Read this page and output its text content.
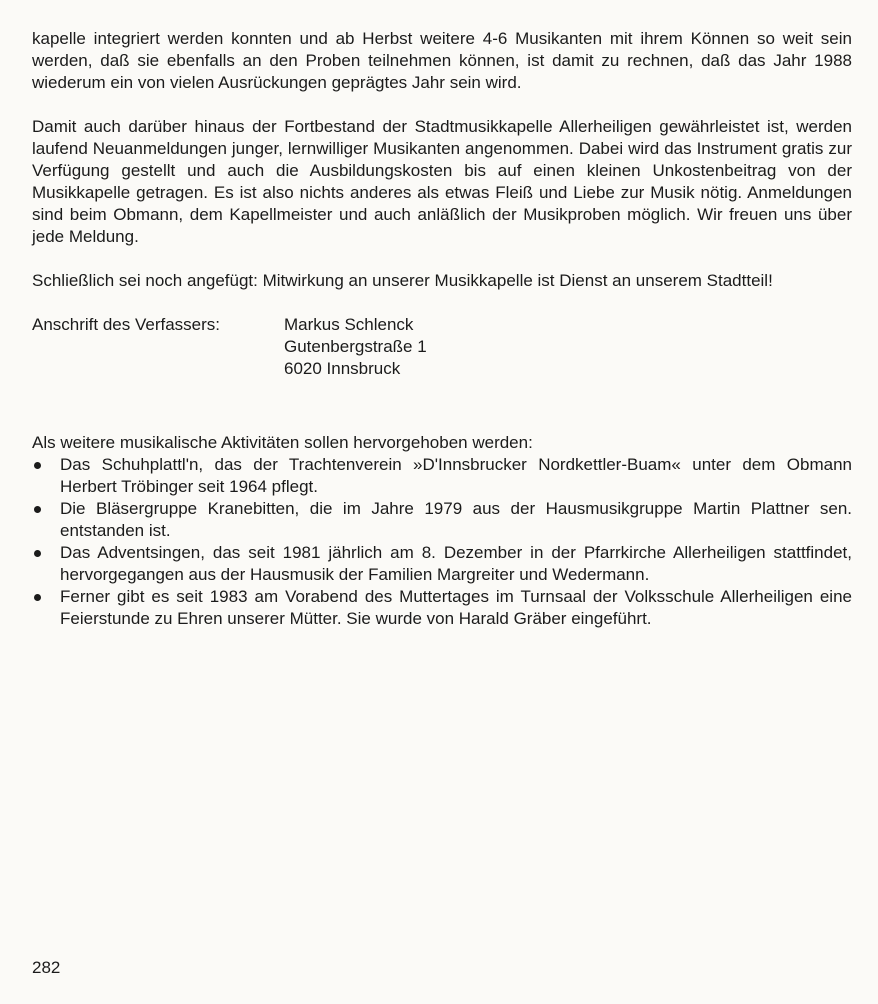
kapelle integriert werden konnten und ab Herbst weitere 4-6 Musikanten mit ihrem Können so weit sein werden, daß sie ebenfalls an den Proben teilnehmen können, ist damit zu rechnen, daß das Jahr 1988 wiederum ein von vielen Ausrückungen geprägtes Jahr sein wird.

Damit auch darüber hinaus der Fortbestand der Stadtmusikkapelle Allerheiligen gewährleistet ist, werden laufend Neuanmeldungen junger, lernwilliger Musikanten angenommen. Dabei wird das Instrument gratis zur Verfügung gestellt und auch die Ausbildungskosten bis auf einen kleinen Unkostenbeitrag von der Musikkapelle getragen. Es ist also nichts anderes als etwas Fleiß und Liebe zur Musik nötig. Anmeldungen sind beim Obmann, dem Kapellmeister und auch anläßlich der Musikproben möglich. Wir freuen uns über jede Meldung.

Schließlich sei noch angefügt: Mitwirkung an unserer Musikkapelle ist Dienst an unserem Stadtteil!

Anschrift des Verfassers:	Markus Schlenck
Gutenbergstraße 1
6020 Innsbruck

Als weitere musikalische Aktivitäten sollen hervorgehoben werden:

Das Schuhplattl'n, das der Trachtenverein »D'Innsbrucker Nordkettler-Buam« unter dem Obmann Herbert Tröbinger seit 1964 pflegt.
Die Bläsergruppe Kranebitten, die im Jahre 1979 aus der Hausmusikgruppe Martin Plattner sen. entstanden ist.
Das Adventsingen, das seit 1981 jährlich am 8. Dezember in der Pfarrkirche Allerheiligen stattfindet, hervorgegangen aus der Hausmusik der Familien Margreiter und Wedermann.
Ferner gibt es seit 1983 am Vorabend des Muttertages im Turnsaal der Volksschule Allerheiligen eine Feierstunde zu Ehren unserer Mütter. Sie wurde von Harald Gräber eingeführt.
282
